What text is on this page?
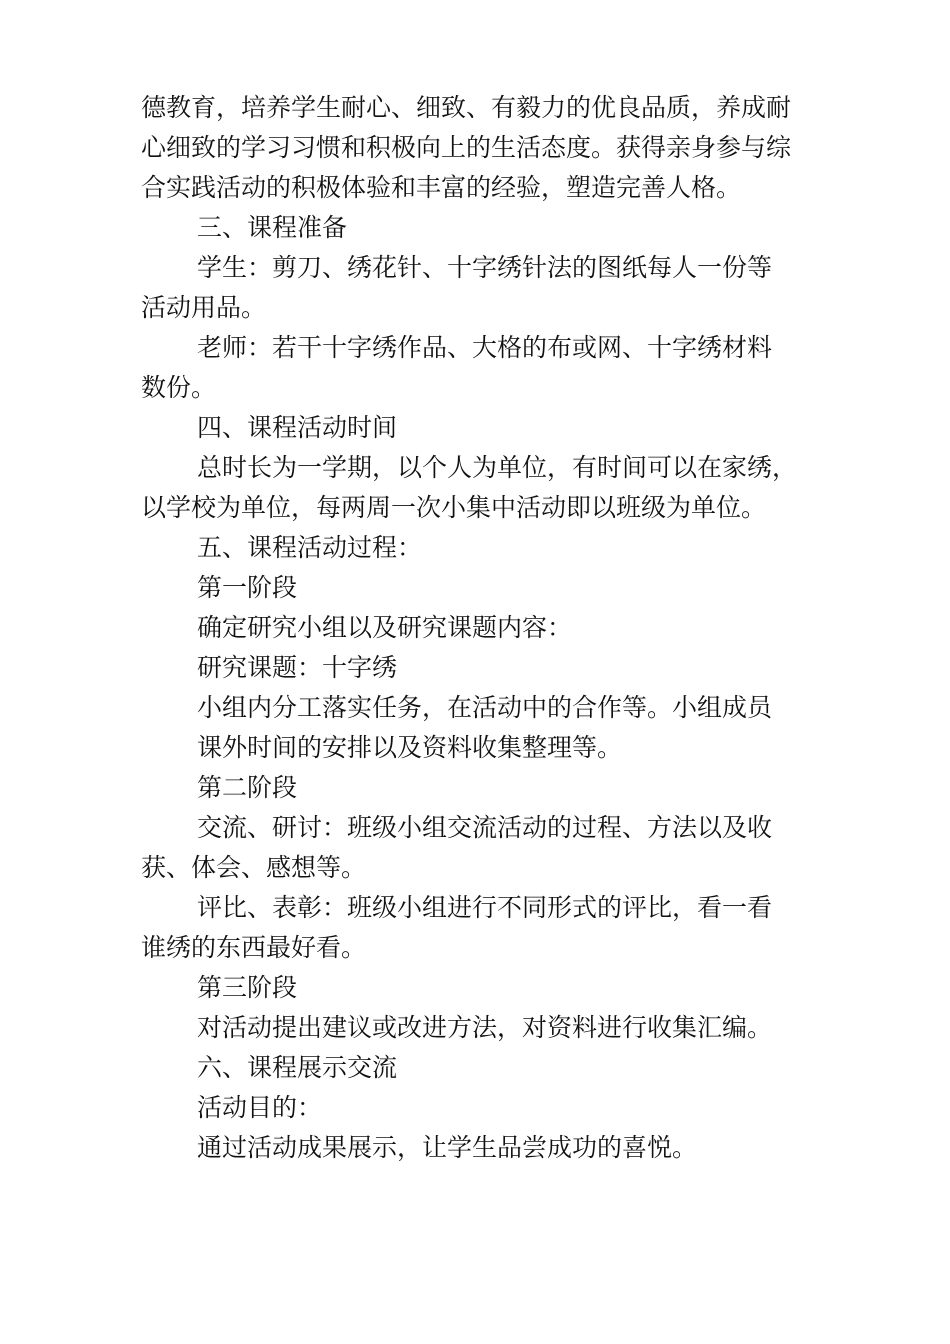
德教育，培养学生耐心、细致、有毅力的优良品质，养成耐

心细致的学习习惯和积极向上的生活态度。获得亲身参与综

合实践活动的积极体验和丰富的经验，塑造完善人格。

三、课程准备

学生：剪刀、绣花针、十字绣针法的图纸每人一份等

活动用品。

老师：若干十字绣作品、大格的布或网、十字绣材料

数份。

四、课程活动时间

总时长为一学期，以个人为单位，有时间可以在家绣，

以学校为单位，每两周一次小集中活动即以班级为单位。

五、课程活动过程：

第一阶段

确定研究小组以及研究课题内容：

研究课题：十字绣

小组内分工落实任务，在活动中的合作等。小组成员

课外时间的安排以及资料收集整理等。

第二阶段

交流、研讨：班级小组交流活动的过程、方法以及收

获、体会、感想等。

评比、表彰：班级小组进行不同形式的评比，看一看

谁绣的东西最好看。

第三阶段

对活动提出建议或改进方法，对资料进行收集汇编。

六、课程展示交流

活动目的：

通过活动成果展示，让学生品尝成功的喜悦。
